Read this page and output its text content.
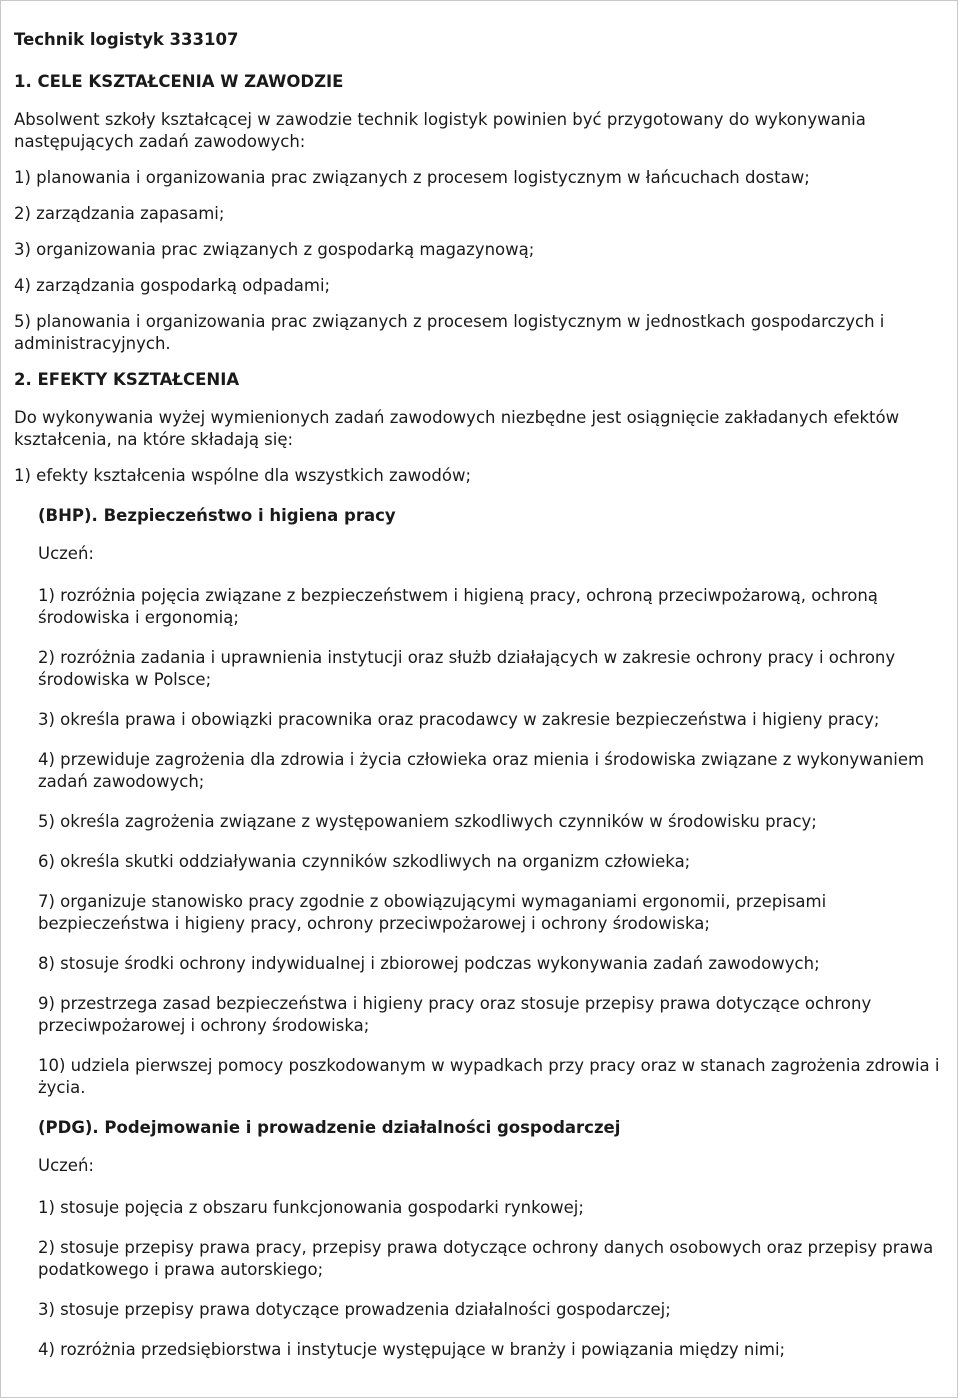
Technik logistyk 333107
1. CELE KSZTAŁCENIA W ZAWODZIE
Absolwent szkoły kształcącej w zawodzie technik logistyk powinien być przygotowany do wykonywania następujących zadań zawodowych:
1) planowania i organizowania prac związanych z procesem logistycznym w łańcuchach dostaw;
2) zarządzania zapasami;
3) organizowania prac związanych z gospodarką magazynową;
4) zarządzania gospodarką odpadami;
5) planowania i organizowania prac związanych z procesem logistycznym w jednostkach gospodarczych i administracyjnych.
2. EFEKTY KSZTAŁCENIA
Do wykonywania wyżej wymienionych zadań zawodowych niezbędne jest osiągnięcie zakładanych efektów kształcenia, na które składają się:
1) efekty kształcenia wspólne dla wszystkich zawodów;
(BHP). Bezpieczeństwo i higiena pracy
Uczeń:
1) rozróżnia pojęcia związane z bezpieczeństwem i higieną pracy, ochroną przeciwpożarową, ochroną środowiska i ergonomią;
2) rozróżnia zadania i uprawnienia instytucji oraz służb działających w zakresie ochrony pracy i ochrony środowiska w Polsce;
3) określa prawa i obowiązki pracownika oraz pracodawcy w zakresie bezpieczeństwa i higieny pracy;
4) przewiduje zagrożenia dla zdrowia i życia człowieka oraz mienia i środowiska związane z wykonywaniem zadań zawodowych;
5) określa zagrożenia związane z występowaniem szkodliwych czynników w środowisku pracy;
6) określa skutki oddziaływania czynników szkodliwych na organizm człowieka;
7) organizuje stanowisko pracy zgodnie z obowiązującymi wymaganiami ergonomii, przepisami bezpieczeństwa i higieny pracy, ochrony przeciwpożarowej i ochrony środowiska;
8) stosuje środki ochrony indywidualnej i zbiorowej podczas wykonywania zadań zawodowych;
9) przestrzega zasad bezpieczeństwa i higieny pracy oraz stosuje przepisy prawa dotyczące ochrony przeciwpożarowej i ochrony środowiska;
10) udziela pierwszej pomocy poszkodowanym w wypadkach przy pracy oraz w stanach zagrożenia zdrowia i życia.
(PDG). Podejmowanie i prowadzenie działalności gospodarczej
Uczeń:
1) stosuje pojęcia z obszaru funkcjonowania gospodarki rynkowej;
2) stosuje przepisy prawa pracy, przepisy prawa dotyczące ochrony danych osobowych oraz przepisy prawa podatkowego i prawa autorskiego;
3) stosuje przepisy prawa dotyczące prowadzenia działalności gospodarczej;
4) rozróżnia przedsiębiorstwa i instytucje występujące w branży i powiązania między nimi;
